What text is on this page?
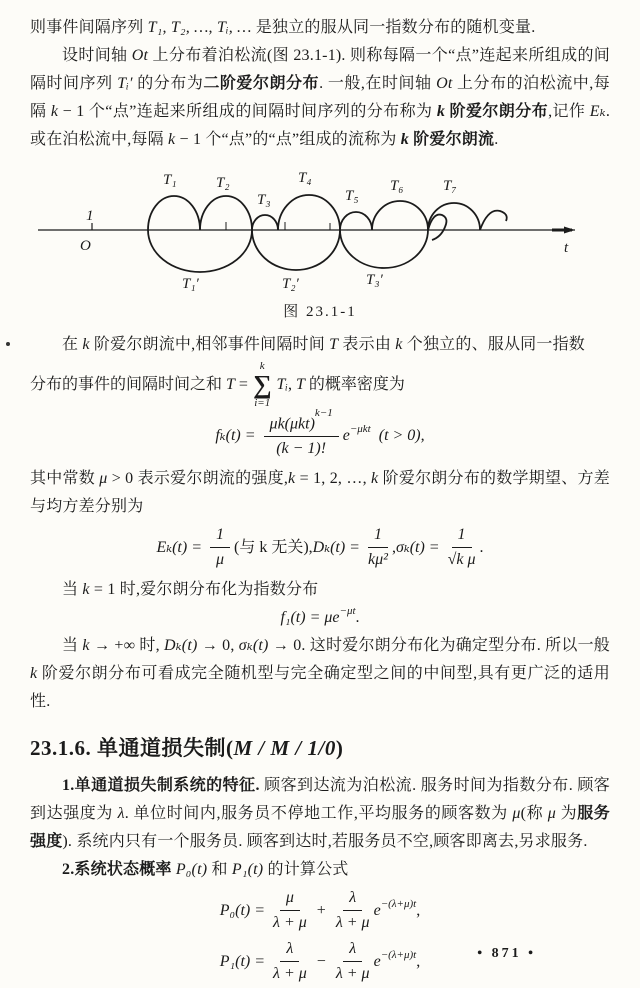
则事件间隔序列 T₁, T₂, …, Tᵢ, … 是独立的服从同一指数分布的随机变量.

设时间轴 Ot 上分布着泊松流(图 23.1-1). 则称每隔一个“点”连起来所组成的间隔时间序列 Tᵢ′ 的分布为二阶爱尔朗分布. 一般,在时间轴 Ot 上分布的泊松流中,每隔 k − 1 个“点”连起来所组成的间隔时间序列的分布称为 k 阶爱尔朗分布,记作 Eₖ. 或在泊松流中,每隔 k − 1 个“点”的“点”组成的流称为 k 阶爱尔朗流.

1
O	t
T₁	T₂
T₃
T₄
T₅
T₆	T₇
T₁′	T₂′	T₃′
图 23.1-1

在 k 阶爱尔朗流中,相邻事件间隔时间 T 表示由 k 个独立的、服从同一指数

分布的事件的间隔时间之和 T =
k
∑
i=1
Tᵢ, T 的概率密度为
$f_k(t) = \frac{\mu k(\mu kt)^{k-1}}{(k - 1)!} e^{-\mu kt}$ (t > 0),

其中常数 μ > 0 表示爱尔朗流的强度,k = 1, 2, …, k 阶爱尔朗分布的数学期望、方差与均方差分别为

$E_k(t) = \frac{1}{\mu}$ (与 k 无关), $D_k(t) = \frac{1}{\text{kμ²}}$ , $\sigma_k(t) = \frac{1}{\text{√k μ}}$ .

当 k = 1 时,爱尔朗分布化为指数分布

$f_1(t) = \mu e^{-\mu t}$ .

当 k → +∞ 时, Dₖ(t) → 0, σₖ(t) → 0. 这时爱尔朗分布化为确定型分布. 所以一般 k 阶爱尔朗分布可看成完全随机型与完全确定型之间的中间型,具有更广泛的适用性.

23.1.6. 单通道损失制(M / M / 1/0)

1.单通道损失制系统的特征. 顾客到达流为泊松流. 服务时间为指数分布. 顾客到达强度为 λ. 单位时间内,服务员不停地工作,平均服务的顾客数为 μ(称 μ 为服务强度). 系统内只有一个服务员. 顾客到达时,若服务员不空,顾客即离去,另求服务.

2.系统状态概率 P₀(t) 和 P₁(t) 的计算公式

$P_0(t) = \frac{\mu}{\lambda + \mu} + \frac{\lambda}{\lambda + \mu} e^{-(\lambda+\mu)t}$ ,
$P_1(t) = \frac{\lambda}{\lambda + \mu} - \frac{\lambda}{\lambda + \mu} e^{-(\lambda+\mu)t}$ ,	• 871 •
